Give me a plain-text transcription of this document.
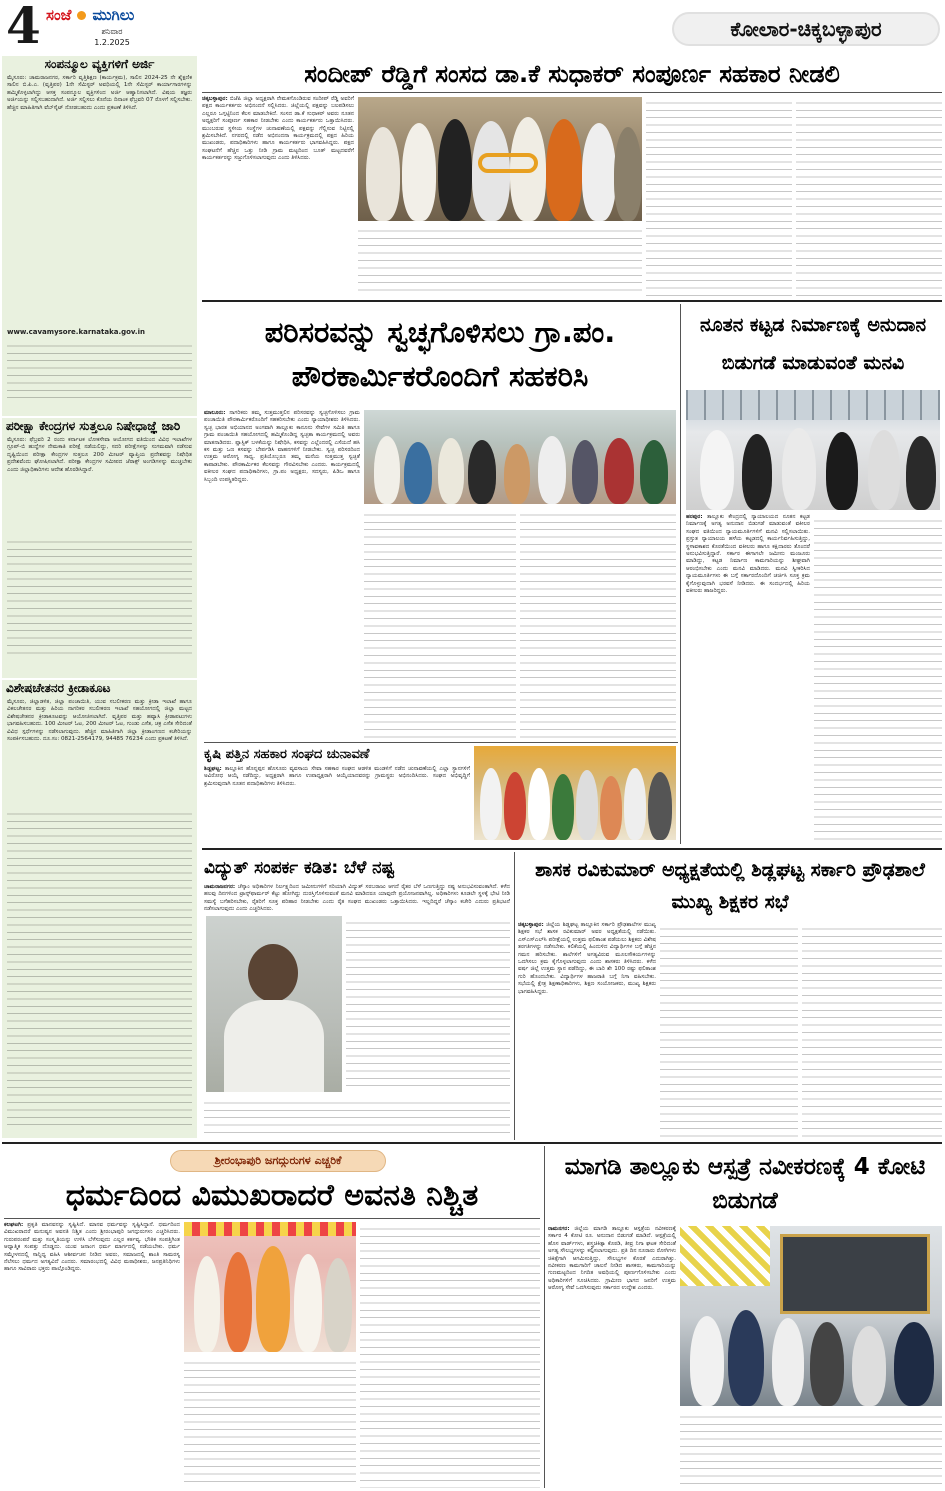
4 ಸಂಜೆ ಮುಗಿಲು
ಶನಿವಾರ
1.2.2025
ಕೋಲಾರ-ಚಿಕ್ಕಬಳ್ಳಾಪುರ
ಸಂಪನ್ಮೂಲ ವ್ಯಕ್ತಿಗಳಿಗೆ ಅರ್ಜಿ
ಮೈಸೂರು: ಚಾಮರಾಜನಗರ, ಸರ್ಕಾರಿ ವೃತ್ತಿಶಿಕ್ಷಣ (ಕಾರ್ಯಕ್ರಮ), ಸಾಲಿನ 2024-25 ನೇ ಶೈಕ್ಷಣಿಕ ಸಾಲಿನ ಬಿ.ಪಿ.ಎ. (ವೃತ್ತಿಪರ) 1ನೇ ಸೆಮಿಸ್ಟರ್ ಅವಧಿಯಲ್ಲಿ 1ನೇ ಸೆಮಿಸ್ಟರ್ ಕಾರ್ಯಾಗಾರಗಳನ್ನು ಹಮ್ಮಿಕೊಳ್ಳಲಾಗಿದ್ದು ಆಸಕ್ತ ಸಂಪನ್ಮೂಲ ವ್ಯಕ್ತಿಗಳಿಂದ ಅರ್ಜಿ ಆಹ್ವಾನಿಸಲಾಗಿದೆ. ವಿಷಯ ತಜ್ಞರು ಅರ್ಜಿಯನ್ನು ಸಲ್ಲಿಸಬಹುದಾಗಿದೆ. ಅರ್ಜಿ ಸಲ್ಲಿಸಲು ಕೊನೆಯ ದಿನಾಂಕ ಫೆಬ್ರವರಿ 07 ರೊಳಗೆ ಸಲ್ಲಿಸಬೇಕು. ಹೆಚ್ಚಿನ ಮಾಹಿತಿಗಾಗಿ ವೆಬ್‌ಸೈಟ್ ನೋಡಬಹುದು ಎಂದು ಪ್ರಕಟಣೆ ತಿಳಿಸಿದೆ.
www.cavamysore.karnataka.gov.in
ಪರೀಕ್ಷಾ ಕೇಂದ್ರಗಳ ಸುತ್ತಲೂ ನಿಷೇಧಾಜ್ಞೆ ಜಾರಿ
ಮೈಸೂರು: ಫೆಬ್ರವರಿ 2 ರಂದು ಕರ್ನಾಟಕ ಲೋಕಸೇವಾ ಆಯೋಗದ ವತಿಯಿಂದ ವಿವಿಧ ಇಲಾಖೆಗಳ ಗ್ರೂಪ್-ಬಿ ಹುದ್ದೆಗಳ ನೇಮಕಾತಿ ಪರೀಕ್ಷೆ ನಡೆಯಲಿದ್ದು, ಸದರಿ ಪರೀಕ್ಷೆಗಳನ್ನು ಸುಗಮವಾಗಿ ನಡೆಸುವ ದೃಷ್ಟಿಯಿಂದ ಪರೀಕ್ಷಾ ಕೇಂದ್ರಗಳ ಸುತ್ತಲೂ 200 ಮೀಟರ್ ವ್ಯಾಪ್ತಿಯ ಪ್ರದೇಶವನ್ನು ನಿಷೇಧಿತ ಪ್ರದೇಶವೆಂದು ಘೋಷಿಸಲಾಗಿದೆ. ಪರೀಕ್ಷಾ ಕೇಂದ್ರಗಳ ಸಮೀಪದ ಜೆರಾಕ್ಸ್ ಅಂಗಡಿಗಳನ್ನು ಮುಚ್ಚಬೇಕು ಎಂದು ಜಿಲ್ಲಾಧಿಕಾರಿಗಳು ಆದೇಶ ಹೊರಡಿಸಿದ್ದಾರೆ.
ವಿಶೇಷಚೇತನರ ಕ್ರೀಡಾಕೂಟ
ಮೈಸೂರು, ಜಿಲ್ಲಾಡಳಿತ, ಜಿಲ್ಲಾ ಪಂಚಾಯಿತಿ, ಯುವ ಸಬಲೀಕರಣ ಮತ್ತು ಕ್ರೀಡಾ ಇಲಾಖೆ ಹಾಗೂ ವಿಕಲಚೇತನರ ಮತ್ತು ಹಿರಿಯ ನಾಗರಿಕರ ಸಬಲೀಕರಣ ಇಲಾಖೆ ಸಹಯೋಗದಲ್ಲಿ ಜಿಲ್ಲಾ ಮಟ್ಟದ ವಿಶೇಷಚೇತನರ ಕ್ರೀಡಾಕೂಟವನ್ನು ಆಯೋಜಿಸಲಾಗಿದೆ. ವೃತ್ತಿಪರ ಮತ್ತು ಹವ್ಯಾಸಿ ಕ್ರೀಡಾಪಟುಗಳು ಭಾಗವಹಿಸಬಹುದು. 100 ಮೀಟರ್ ಓಟ, 200 ಮೀಟರ್ ಓಟ, ಗುಂಡು ಎಸೆತ, ಚಕ್ರ ಎಸೆತ ಸೇರಿದಂತೆ ವಿವಿಧ ಸ್ಪರ್ಧೆಗಳನ್ನು ನಡೆಸಲಾಗುವುದು. ಹೆಚ್ಚಿನ ಮಾಹಿತಿಗಾಗಿ ಜಿಲ್ಲಾ ಕ್ರೀಡಾಂಗಣದ ಕಚೇರಿಯನ್ನು ಸಂಪರ್ಕಿಸಬಹುದು. ದೂ.ಸಂ: 0821-2564179, 94485 76234 ಎಂದು ಪ್ರಕಟಣೆ ತಿಳಿಸಿದೆ.
ಸಂದೀಪ್ ರೆಡ್ಡಿಗೆ ಸಂಸದ ಡಾ.ಕೆ ಸುಧಾಕರ್ ಸಂಪೂರ್ಣ ಸಹಕಾರ ನೀಡಲಿ
ಚಿಕ್ಕಬಳ್ಳಾಪುರ: ಬಿಜೆಪಿ ಜಿಲ್ಲಾ ಅಧ್ಯಕ್ಷರಾಗಿ ನೇಮಕಗೊಂಡಿರುವ ಸಂದೀಪ್ ರೆಡ್ಡಿ ಅವರಿಗೆ ಪಕ್ಷದ ಕಾರ್ಯಕರ್ತರು ಅಭಿನಂದನೆ ಸಲ್ಲಿಸಿದರು. ಜಿಲ್ಲೆಯಲ್ಲಿ ಪಕ್ಷವನ್ನು ಬಲಪಡಿಸಲು ಎಲ್ಲರೂ ಒಗ್ಗಟ್ಟಿನಿಂದ ಕೆಲಸ ಮಾಡಬೇಕಿದೆ. ಸಂಸದ ಡಾ.ಕೆ ಸುಧಾಕರ್ ಅವರು ನೂತನ ಅಧ್ಯಕ್ಷರಿಗೆ ಸಂಪೂರ್ಣ ಸಹಕಾರ ನೀಡಬೇಕು ಎಂದು ಕಾರ್ಯಕರ್ತರು ಒತ್ತಾಯಿಸಿದರು. ಮುಂಬರುವ ಸ್ಥಳೀಯ ಸಂಸ್ಥೆಗಳ ಚುನಾವಣೆಯಲ್ಲಿ ಪಕ್ಷವನ್ನು ಗೆಲ್ಲಿಸುವ ನಿಟ್ಟಿನಲ್ಲಿ ಶ್ರಮಿಸಬೇಕಿದೆ. ನಗರದಲ್ಲಿ ನಡೆದ ಅಭಿನಂದನಾ ಕಾರ್ಯಕ್ರಮದಲ್ಲಿ ಪಕ್ಷದ ಹಿರಿಯ ಮುಖಂಡರು, ಪದಾಧಿಕಾರಿಗಳು ಹಾಗೂ ಕಾರ್ಯಕರ್ತರು ಭಾಗವಹಿಸಿದ್ದರು. ಪಕ್ಷದ ಸಂಘಟನೆಗೆ ಹೆಚ್ಚಿನ ಒತ್ತು ನೀಡಿ ಗ್ರಾಮ ಮಟ್ಟದಿಂದ ಬೂತ್ ಮಟ್ಟದವರೆಗೆ ಕಾರ್ಯಕರ್ತರನ್ನು ಸಜ್ಜುಗೊಳಿಸಲಾಗುವುದು ಎಂದು ತಿಳಿಸಿದರು.
ಪರಿಸರವನ್ನು ಸ್ವಚ್ಛಗೊಳಿಸಲು ಗ್ರಾ.ಪಂ. ಪೌರಕಾರ್ಮಿಕರೊಂದಿಗೆ ಸಹಕರಿಸಿ
ಮಾಲೂರು: ನಾಗರಿಕರು ತಮ್ಮ ಸುತ್ತಮುತ್ತಲಿನ ಪರಿಸರವನ್ನು ಸ್ವಚ್ಛಗೊಳಿಸಲು ಗ್ರಾಮ ಪಂಚಾಯಿತಿ ಪೌರಕಾರ್ಮಿಕರೊಂದಿಗೆ ಸಹಕರಿಸಬೇಕು ಎಂದು ನ್ಯಾಯಾಧೀಶರು ತಿಳಿಸಿದರು. ಸ್ವಚ್ಛ ಭಾರತ ಅಭಿಯಾನದ ಅಂಗವಾಗಿ ತಾಲ್ಲೂಕು ಕಾನೂನು ಸೇವೆಗಳ ಸಮಿತಿ ಹಾಗೂ ಗ್ರಾಮ ಪಂಚಾಯಿತಿ ಸಹಯೋಗದಲ್ಲಿ ಹಮ್ಮಿಕೊಂಡಿದ್ದ ಸ್ವಚ್ಛತಾ ಕಾರ್ಯಕ್ರಮದಲ್ಲಿ ಅವರು ಮಾತನಾಡಿದರು. ಪ್ಲಾಸ್ಟಿಕ್ ಬಳಕೆಯನ್ನು ನಿಷೇಧಿಸಿ, ಕಸವನ್ನು ಎಲ್ಲೆಂದರಲ್ಲಿ ಎಸೆಯದೆ ಹಸಿ ಕಸ ಮತ್ತು ಒಣ ಕಸವನ್ನು ಬೇರ್ಪಡಿಸಿ ವಾಹನಗಳಿಗೆ ನೀಡಬೇಕು. ಸ್ವಚ್ಛ ಪರಿಸರದಿಂದ ಉತ್ತಮ ಆರೋಗ್ಯ ಸಾಧ್ಯ. ಪ್ರತಿಯೊಬ್ಬರೂ ತಮ್ಮ ಮನೆಯ ಸುತ್ತಮುತ್ತ ಸ್ವಚ್ಛತೆ ಕಾಪಾಡಬೇಕು. ಪೌರಕಾರ್ಮಿಕರ ಕೆಲಸವನ್ನು ಗೌರವಿಸಬೇಕು ಎಂದರು. ಕಾರ್ಯಕ್ರಮದಲ್ಲಿ ವಕೀಲರ ಸಂಘದ ಪದಾಧಿಕಾರಿಗಳು, ಗ್ರಾ.ಪಂ ಅಧ್ಯಕ್ಷರು, ಸದಸ್ಯರು, ಪಿಡಿಒ ಹಾಗೂ ಸಿಬ್ಬಂದಿ ಉಪಸ್ಥಿತರಿದ್ದರು.
ಕೃಷಿ ಪತ್ತಿನ ಸಹಕಾರ ಸಂಘದ ಚುನಾವಣೆ
ಶಿಡ್ಲಘಟ್ಟ: ತಾಲ್ಲೂಕಿನ ಹೊನ್ನಪ್ಪನ ಹೊಸೂರು ವ್ಯವಸಾಯ ಸೇವಾ ಸಹಕಾರ ಸಂಘದ ಆಡಳಿತ ಮಂಡಳಿಗೆ ನಡೆದ ಚುನಾವಣೆಯಲ್ಲಿ ಎಲ್ಲಾ ಸ್ಥಾನಗಳಿಗೆ ಅವಿರೋಧ ಆಯ್ಕೆ ನಡೆದಿದ್ದು, ಅಧ್ಯಕ್ಷರಾಗಿ ಹಾಗೂ ಉಪಾಧ್ಯಕ್ಷರಾಗಿ ಆಯ್ಕೆಯಾದವರನ್ನು ಗ್ರಾಮಸ್ಥರು ಅಭಿನಂದಿಸಿದರು. ಸಂಘದ ಅಭಿವೃದ್ಧಿಗೆ ಶ್ರಮಿಸುವುದಾಗಿ ನೂತನ ಪದಾಧಿಕಾರಿಗಳು ತಿಳಿಸಿದರು.
ನೂತನ ಕಟ್ಟಡ ನಿರ್ಮಾಣಕ್ಕೆ ಅನುದಾನ ಬಿಡುಗಡೆ ಮಾಡುವಂತೆ ಮನವಿ
ಹರಪುರ: ತಾಲ್ಲೂಕು ಕೇಂದ್ರದಲ್ಲಿ ನ್ಯಾಯಾಲಯದ ನೂತನ ಕಟ್ಟಡ ನಿರ್ಮಾಣಕ್ಕೆ ಅಗತ್ಯ ಅನುದಾನ ಬಿಡುಗಡೆ ಮಾಡುವಂತೆ ವಕೀಲರ ಸಂಘದ ವತಿಯಿಂದ ನ್ಯಾಯಮೂರ್ತಿಗಳಿಗೆ ಮನವಿ ಸಲ್ಲಿಸಲಾಯಿತು. ಪ್ರಸ್ತುತ ನ್ಯಾಯಾಲಯ ಹಳೆಯ ಕಟ್ಟಡದಲ್ಲಿ ಕಾರ್ಯನಿರ್ವಹಿಸುತ್ತಿದ್ದು, ಸ್ಥಳಾವಕಾಶದ ಕೊರತೆಯಿಂದ ವಕೀಲರು ಹಾಗೂ ಕಕ್ಷಿದಾರರು ತೊಂದರೆ ಅನುಭವಿಸುತ್ತಿದ್ದಾರೆ. ಸರ್ಕಾರ ಈಗಾಗಲೇ ಜಮೀನು ಮಂಜೂರು ಮಾಡಿದ್ದು, ಕಟ್ಟಡ ನಿರ್ಮಾಣ ಕಾಮಗಾರಿಯನ್ನು ಶೀಘ್ರವಾಗಿ ಆರಂಭಿಸಬೇಕು ಎಂದು ಮನವಿ ಮಾಡಿದರು. ಮನವಿ ಸ್ವೀಕರಿಸಿದ ನ್ಯಾಯಮೂರ್ತಿಗಳು ಈ ಬಗ್ಗೆ ಸರ್ಕಾರದೊಂದಿಗೆ ಚರ್ಚಿಸಿ ಸೂಕ್ತ ಕ್ರಮ ಕೈಗೊಳ್ಳುವುದಾಗಿ ಭರವಸೆ ನೀಡಿದರು. ಈ ಸಂದರ್ಭದಲ್ಲಿ ಹಿರಿಯ ವಕೀಲರು ಹಾಜರಿದ್ದರು.
ವಿದ್ಯುತ್ ಸಂಪರ್ಕ ಕಡಿತ: ಬೆಳೆ ನಷ್ಟ
ಚಾಮರಾಜನಗರ: ಚೆಸ್ಕಾಂ ಅಧಿಕಾರಿಗಳ ನಿರ್ಲಕ್ಷ್ಯದಿಂದ ಜಮೀನುಗಳಿಗೆ ಸರಿಯಾಗಿ ವಿದ್ಯುತ್ ಸರಬರಾಜು ಆಗದೆ ರೈತರ ಬೆಳೆ ಒಣಗುತ್ತಿದ್ದು ನಷ್ಟ ಅನುಭವಿಸುವಂತಾಗಿದೆ. ಕಳೆದ ಹಲವು ದಿನಗಳಿಂದ ಟ್ರಾನ್ಸ್‌ಫಾರ್ಮರ್ ಕೆಟ್ಟು ಹೋಗಿದ್ದು ದುರಸ್ತಿಗೊಳಿಸುವಂತೆ ಮನವಿ ಮಾಡಿದರೂ ಯಾವುದೇ ಪ್ರಯೋಜನವಾಗಿಲ್ಲ. ಅಧಿಕಾರಿಗಳು ಕೂಡಲೇ ಸ್ಥಳಕ್ಕೆ ಭೇಟಿ ನೀಡಿ ಸಮಸ್ಯೆ ಬಗೆಹರಿಸಬೇಕು, ರೈತರಿಗೆ ಸೂಕ್ತ ಪರಿಹಾರ ನೀಡಬೇಕು ಎಂದು ರೈತ ಸಂಘದ ಮುಖಂಡರು ಒತ್ತಾಯಿಸಿದರು. ಇಲ್ಲದಿದ್ದರೆ ಚೆಸ್ಕಾಂ ಕಚೇರಿ ಎದುರು ಪ್ರತಿಭಟನೆ ನಡೆಸಲಾಗುವುದು ಎಂದು ಎಚ್ಚರಿಸಿದರು.
ಶಾಸಕ ರವಿಕುಮಾರ್ ಅಧ್ಯಕ್ಷತೆಯಲ್ಲಿ ಶಿಡ್ಲಘಟ್ಟ ಸರ್ಕಾರಿ ಪ್ರೌಢಶಾಲೆ ಮುಖ್ಯ ಶಿಕ್ಷಕರ ಸಭೆ
ಚಿಕ್ಕಬಳ್ಳಾಪುರ: ಜಿಲ್ಲೆಯ ಶಿಡ್ಲಘಟ್ಟ ತಾಲ್ಲೂಕಿನ ಸರ್ಕಾರಿ ಪ್ರೌಢಶಾಲೆಗಳ ಮುಖ್ಯ ಶಿಕ್ಷಕರ ಸಭೆ ಶಾಸಕ ರವಿಕುಮಾರ್ ಅವರ ಅಧ್ಯಕ್ಷತೆಯಲ್ಲಿ ನಡೆಯಿತು. ಎಸ್‌ಎಸ್‌ಎಲ್‌ಸಿ ಪರೀಕ್ಷೆಯಲ್ಲಿ ಉತ್ತಮ ಫಲಿತಾಂಶ ಪಡೆಯಲು ಶಿಕ್ಷಕರು ವಿಶೇಷ ತರಗತಿಗಳನ್ನು ನಡೆಸಬೇಕು. ಕಲಿಕೆಯಲ್ಲಿ ಹಿಂದುಳಿದ ವಿದ್ಯಾರ್ಥಿಗಳ ಬಗ್ಗೆ ಹೆಚ್ಚಿನ ಗಮನ ಹರಿಸಬೇಕು. ಶಾಲೆಗಳಿಗೆ ಅಗತ್ಯವಿರುವ ಮೂಲಸೌಕರ್ಯಗಳನ್ನು ಒದಗಿಸಲು ಕ್ರಮ ಕೈಗೊಳ್ಳಲಾಗುವುದು ಎಂದು ಶಾಸಕರು ತಿಳಿಸಿದರು. ಕಳೆದ ವರ್ಷ ಜಿಲ್ಲೆ ಉತ್ತಮ ಸ್ಥಾನ ಪಡೆದಿದ್ದು, ಈ ಬಾರಿ ಶೇ 100 ರಷ್ಟು ಫಲಿತಾಂಶ ಗುರಿ ಹೊಂದಬೇಕು. ವಿದ್ಯಾರ್ಥಿಗಳ ಹಾಜರಾತಿ ಬಗ್ಗೆ ನಿಗಾ ವಹಿಸಬೇಕು. ಸಭೆಯಲ್ಲಿ ಕ್ಷೇತ್ರ ಶಿಕ್ಷಣಾಧಿಕಾರಿಗಳು, ಶಿಕ್ಷಣ ಸಂಯೋಜಕರು, ಮುಖ್ಯ ಶಿಕ್ಷಕರು ಭಾಗವಹಿಸಿದ್ದರು.
ಶ್ರೀರಂಭಾಪುರಿ ಜಗದ್ಗುರುಗಳ ಎಚ್ಚರಿಕೆ
ಧರ್ಮದಿಂದ ವಿಮುಖರಾದರೆ ಅವನತಿ ನಿಶ್ಚಿತ
ಕಲಘಟಗಿ: ಪ್ರಕೃತಿ ಮಾನವನನ್ನು ಸೃಷ್ಟಿಸಿದೆ. ಮಾನವ ಧರ್ಮವನ್ನು ಸೃಷ್ಟಿಸಿದ್ದಾನೆ. ಧರ್ಮದಿಂದ ವಿಮುಖರಾದರೆ ಮನುಷ್ಯನ ಅವನತಿ ನಿಶ್ಚಿತ ಎಂದು ಶ್ರೀರಂಭಾಪುರಿ ಜಗದ್ಗುರುಗಳು ಎಚ್ಚರಿಸಿದರು. ಗುರುಪರಂಪರೆ ಮತ್ತು ಸಂಸ್ಕೃತಿಯನ್ನು ಉಳಿಸಿ ಬೆಳೆಸುವುದು ಎಲ್ಲರ ಕರ್ತವ್ಯ. ಭೌತಿಕ ಸಂಪತ್ತಿಗಿಂತ ಆಧ್ಯಾತ್ಮಿಕ ಸಂಪತ್ತು ದೊಡ್ಡದು. ಯುವ ಜನಾಂಗ ಧರ್ಮ ಮಾರ್ಗದಲ್ಲಿ ನಡೆಯಬೇಕು. ಧರ್ಮ ಸಮ್ಮೇಳನದಲ್ಲಿ ಸಾನ್ನಿಧ್ಯ ವಹಿಸಿ ಆಶೀರ್ವಚನ ನೀಡಿದ ಅವರು, ಸಮಾಜದಲ್ಲಿ ಶಾಂತಿ ಸಾಮರಸ್ಯ ನೆಲೆಸಲು ಧರ್ಮದ ಅಗತ್ಯವಿದೆ ಎಂದರು. ಸಮಾರಂಭದಲ್ಲಿ ವಿವಿಧ ಮಠಾಧೀಶರು, ಜನಪ್ರತಿನಿಧಿಗಳು ಹಾಗೂ ಸಾವಿರಾರು ಭಕ್ತರು ಪಾಲ್ಗೊಂಡಿದ್ದರು.
ಮಾಗಡಿ ತಾಲ್ಲೂಕು ಆಸ್ಪತ್ರೆ ನವೀಕರಣಕ್ಕೆ 4 ಕೋಟಿ ಬಿಡುಗಡೆ
ರಾಮನಗರ: ಜಿಲ್ಲೆಯ ಮಾಗಡಿ ತಾಲ್ಲೂಕು ಆಸ್ಪತ್ರೆಯ ನವೀಕರಣಕ್ಕೆ ಸರ್ಕಾರ 4 ಕೋಟಿ ರೂ. ಅನುದಾನ ಬಿಡುಗಡೆ ಮಾಡಿದೆ. ಆಸ್ಪತ್ರೆಯಲ್ಲಿ ಹೊಸ ವಾರ್ಡ್‌ಗಳು, ಶಸ್ತ್ರಚಿಕಿತ್ಸಾ ಕೊಠಡಿ, ತೀವ್ರ ನಿಗಾ ಘಟಕ ಸೇರಿದಂತೆ ಅಗತ್ಯ ಸೌಲಭ್ಯಗಳನ್ನು ಕಲ್ಪಿಸಲಾಗುವುದು. ಪ್ರತಿ ದಿನ ನೂರಾರು ರೋಗಿಗಳು ಚಿಕಿತ್ಸೆಗಾಗಿ ಆಗಮಿಸುತ್ತಿದ್ದು, ಸೌಲಭ್ಯಗಳ ಕೊರತೆ ಎದುರಾಗಿತ್ತು. ನವೀಕರಣ ಕಾಮಗಾರಿಗೆ ಚಾಲನೆ ನೀಡಿದ ಶಾಸಕರು, ಕಾಮಗಾರಿಯನ್ನು ಗುಣಮಟ್ಟದಿಂದ ನಿಗದಿತ ಅವಧಿಯಲ್ಲಿ ಪೂರ್ಣಗೊಳಿಸಬೇಕು ಎಂದು ಅಧಿಕಾರಿಗಳಿಗೆ ಸೂಚಿಸಿದರು. ಗ್ರಾಮೀಣ ಭಾಗದ ಜನರಿಗೆ ಉತ್ತಮ ಆರೋಗ್ಯ ಸೇವೆ ಒದಗಿಸುವುದು ಸರ್ಕಾರದ ಉದ್ದೇಶ ಎಂದರು.
